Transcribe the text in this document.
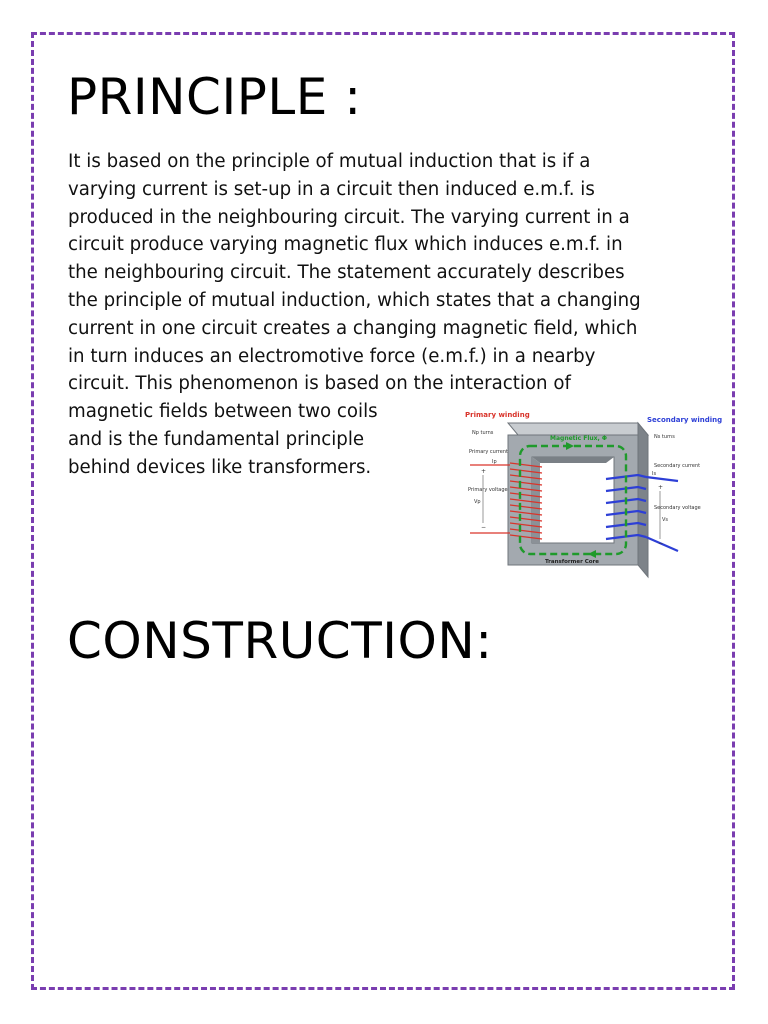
PRINCIPLE :

It is based on the principle of mutual induction that is if a
varying current is set-up in a circuit then induced e.m.f. is
produced in the neighbouring circuit. The varying current in a
circuit produce varying magnetic flux which induces e.m.f. in
the neighbouring circuit. The statement accurately describes
the principle of mutual induction, which states that a changing
current in one circuit creates a changing magnetic field, which
in turn induces an electromotive force (e.m.f.) in a nearby
circuit. This phenomenon is based on the interaction of
magnetic fields between two coils
and is the fundamental principle
behind devices like transformers.

Primary winding
Np turns
Secondary winding
Ns turns
Magnetic Flux, Φ
Primary current
Ip
+
Primary voltage
Vp
−
Secondary current
Is
+
Secondary voltage
Vs
−
Transformer Core
CONSTRUCTION:
